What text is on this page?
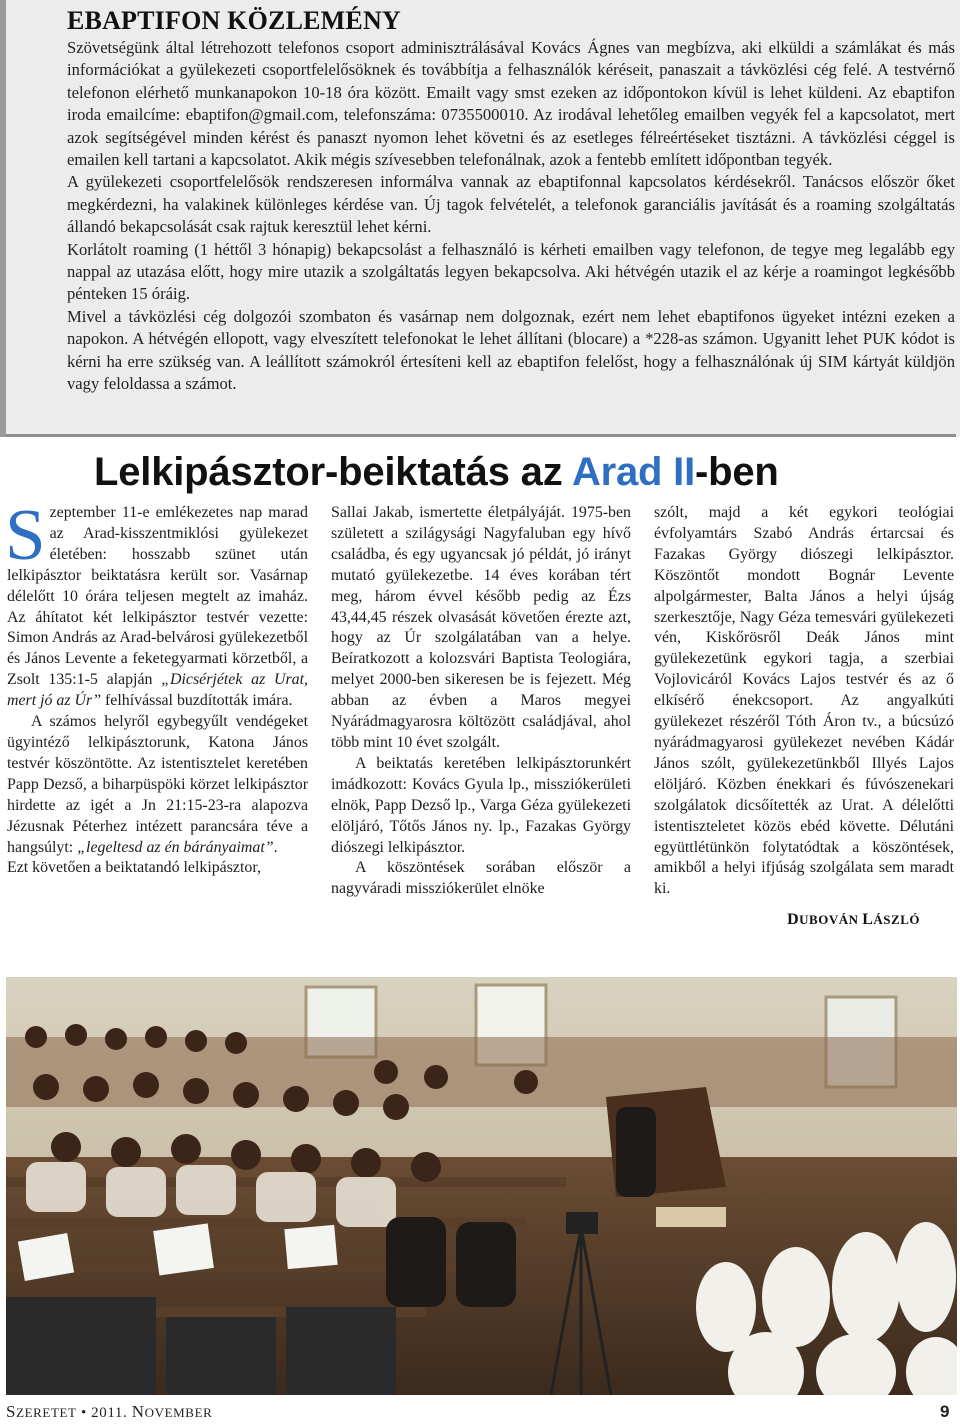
EBAPTIFON KÖZLEMÉNY

Szövetségünk által létrehozott telefonos csoport adminisztrálásával Kovács Ágnes van megbízva, aki elküldi a számlákat és más információkat a gyülekezeti csoportfelelősöknek és továbbítja a felhasználók kéréseit, panaszait a távközlési cég felé. A testvérnő telefonon elérhető munkanapokon 10-18 óra között. Emailt vagy smst ezeken az időpontokon kívül is lehet küldeni. Az ebaptifon iroda emailcíme: ebaptifon@gmail.com, telefonszáma: 0735500010. Az irodával lehetőleg emailben vegyék fel a kapcsolatot, mert azok segítségével minden kérést és panaszt nyomon lehet követni és az esetleges félreértéseket tisztázni. A távközlési céggel is emailen kell tartani a kapcsolatot. Akik mégis szívesebben telefonálnak, azok a fentebb említett időpontban tegyék.

A gyülekezeti csoportfelelősök rendszeresen informálva vannak az ebaptifonnal kapcsolatos kérdésekről. Tanácsos először őket megkérdezni, ha valakinek különleges kérdése van. Új tagok felvételét, a telefonok garanciális javítását és a roaming szolgáltatás állandó bekapcsolását csak rajtuk keresztül lehet kérni.

Korlátolt roaming (1 héttől 3 hónapig) bekapcsolást a felhasználó is kérheti emailben vagy telefonon, de tegye meg legalább egy nappal az utazása előtt, hogy mire utazik a szolgáltatás legyen bekapcsolva. Aki hétvégén utazik el az kérje a roamingot legkésőbb pénteken 15 óráig.

Mivel a távközlési cég dolgozói szombaton és vasárnap nem dolgoznak, ezért nem lehet ebaptifonos ügyeket intézni ezeken a napokon. A hétvégén ellopott, vagy elveszített telefonokat le lehet állítani (blocare) a *228-as számon. Ugyanitt lehet PUK kódot is kérni ha erre szükség van. A leállított számokról értesíteni kell az ebaptifon felelőst, hogy a felhasználónak új SIM kártyát küldjön vagy feloldassa a számot.

Lelkipásztor-beiktatás az Arad II-ben

Szeptember 11-e emlékezetes nap marad az Arad-kisszentmiklósi gyülekezet életében: hosszabb szünet után lelkipásztor beiktatásra került sor. Vasárnap délelőtt 10 órára teljesen megtelt az imaház. Az áhítatot két lelkipásztor testvér vezette: Simon András az Arad-belvárosi gyülekezetből és János Levente a feketegyarmati körzetből, a Zsolt 135:1-5 alapján „Dicsérjétek az Urat, mert jó az Úr” felhívással buzdították imára.

A számos helyről egybegyűlt vendégeket ügyintéző lelkipásztorunk, Katona János testvér köszöntötte. Az istentisztelet keretében Papp Dezső, a biharpüspöki körzet lelkipásztor hirdette az igét a Jn 21:15-23-ra alapozva Jézusnak Péterhez intézett parancsára téve a hangsúlyt: „legeltesd az én bárányaimat”.

Ezt követően a beiktatandó lelkipásztor,

Sallai Jakab, ismertette életpályáját. 1975-ben született a szilágysági Nagyfaluban egy hívő családba, és egy ugyancsak jó példát, jó irányt mutató gyülekezetbe. 14 éves korában tért meg, három évvel később pedig az Ézs 43,44,45 részek olvasását követően érezte azt, hogy az Úr szolgálatában van a helye. Beíratkozott a kolozsvári Baptista Teologiára, melyet 2000-ben sikeresen be is fejezett. Még abban az évben a Maros megyei Nyárádmagyarosra költözött családjával, ahol több mint 10 évet szolgált.

A beiktatás keretében lelkipásztorunkért imádkozott: Kovács Gyula lp., missziókerületi elnök, Papp Dezső lp., Varga Géza gyülekezeti elöljáró, Tőtős János ny. lp., Fazakas György diószegi lelkipásztor.

A köszöntések sorában először a nagyváradi missziókerület elnöke

szólt, majd a két egykori teológiai évfolyamtárs Szabó András értarcsai és Fazakas György diószegi lelkipásztor. Köszöntőt mondott Bognár Levente alpolgármester, Balta János a helyi újság szerkesztője, Nagy Géza temesvári gyülekezeti vén, Kiskőrösről Deák János mint gyülekezetünk egykori tagja, a szerbiai Vojlovicáról Kovács Lajos testvér és az ő elkísérő énekcsoport. Az angyalkúti gyülekezet részéről Tóth Áron tv., a búcsúzó nyárádmagyarosi gyülekezet nevében Kádár János szólt, gyülekezetünkből Illyés Lajos elöljáró. Közben énekkari és fúvószenekari szolgálatok dicsőítették az Urat. A délelőtti istentiszteletet közös ebéd követte. Délutáni együttlétünkön folytatódtak a köszöntések, amikből a helyi ifjúság szolgálata sem maradt ki.

DUBOVÁN LÁSZLÓ
SZERETET • 2011. NOVEMBER	9
